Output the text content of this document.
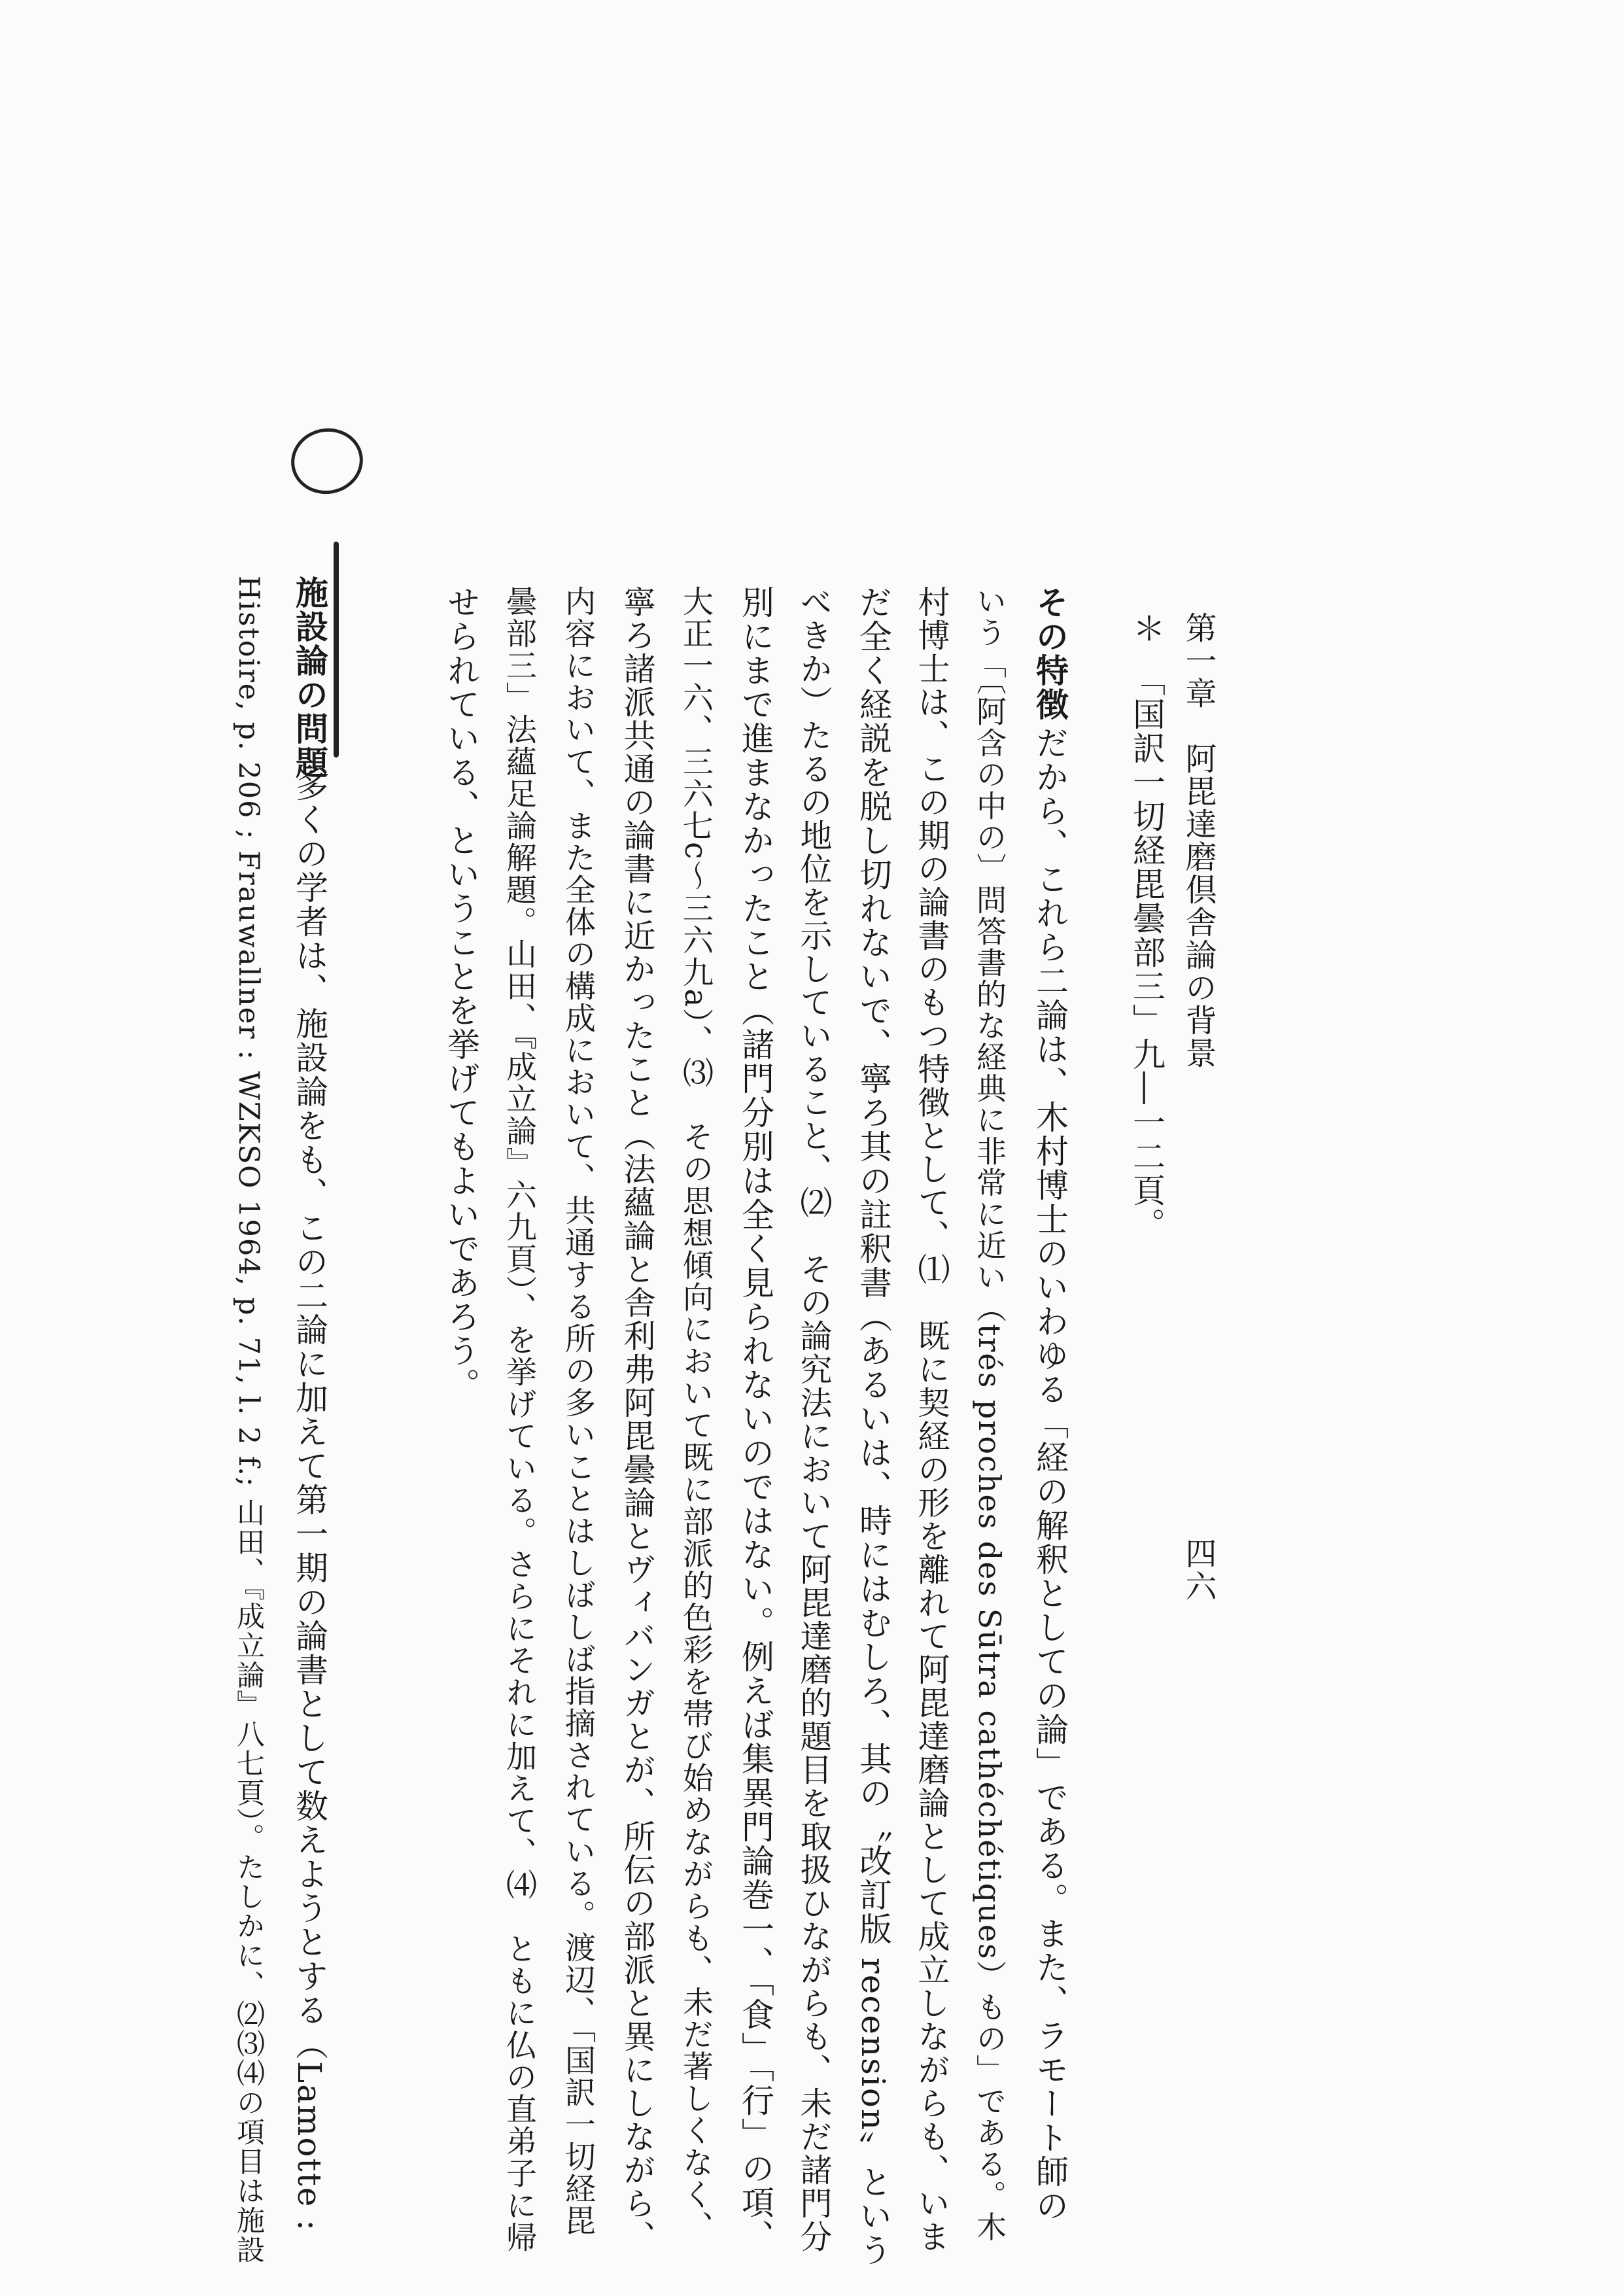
第一章　阿毘達磨倶舎論の背景
四六
＊　「国訳一切経毘曇部三」九―一二頁。
その特徴
だから、これら二論は、木村博士のいわゆる「経の解釈としての論」である。また、ラモート師の
いう「〔阿含の中の〕問答書的な経典に非常に近い（trés proches des Sūtra cathéchétiques）もの」である。木
村博士は、この期の論書のもつ特徴として、⑴　既に契経の形を離れて阿毘達磨論として成立しながらも、いま
だ全く経説を脱し切れないで、寧ろ其の註釈書（あるいは、時にはむしろ、其の〝改訂版 recension〟という
べきか）たるの地位を示していること、⑵　その論究法において阿毘達磨的題目を取扱ひながらも、未だ諸門分
別にまで進まなかったこと（諸門分別は全く見られないのではない。例えば集異門論巻一、「食」「行」の項、
大正一六、三六七c～三六九a）、⑶　その思想傾向において既に部派的色彩を帯び始めながらも、未だ著しくなく、
寧ろ諸派共通の論書に近かったこと（法蘊論と舎利弗阿毘曇論とヴィバンガとが、所伝の部派と異にしながら、
内容において、また全体の構成において、共通する所の多いことはしばしば指摘されている。渡辺、「国訳一切経毘
曇部三」法蘊足論解題。山田、『成立論』六九頁）、を挙げている。さらにそれに加えて、⑷　ともに仏の直弟子に帰
せられている、ということを挙げてもよいであろう。
施設論の問題
多くの学者は、施設論をも、この二論に加えて第一期の論書として数えようとする（Lamotte :
Histoire, p. 206 ; Frauwallner : WZKSO 1964, p. 71, l. 2 f.; 山田、『成立論』八七頁）。たしかに、⑵⑶⑷の項目は施設
